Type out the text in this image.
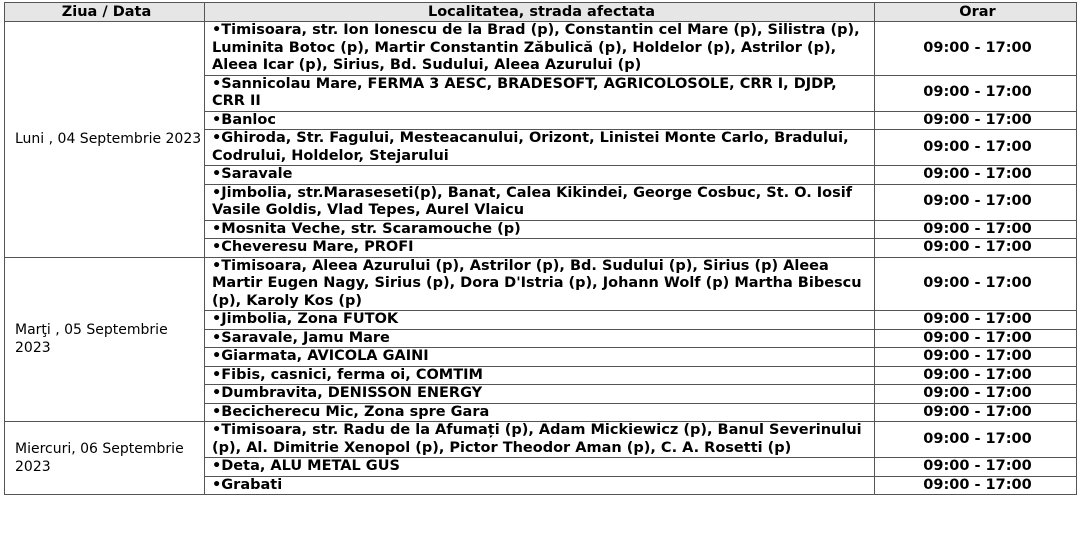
Ziua / Data	Localitatea, strada afectata	Orar
Luni , 04 Septembrie 2023	•Timisoara, str. Ion Ionescu de la Brad (p), Constantin cel Mare (p), Silistra (p), Luminita Botoc (p), Martir Constantin Zăbulică (p), Holdelor (p), Astrilor (p), Aleea Icar (p), Sirius, Bd. Sudului, Aleea Azurului (p)	09:00 - 17:00
	•Sannicolau Mare, FERMA 3 AESC, BRADESOFT, AGRICOLOSOLE, CRR I, DJDP, CRR II	09:00 - 17:00
	•Banloc	09:00 - 17:00
	•Ghiroda, Str. Fagului, Mesteacanului, Orizont, Linistei Monte Carlo, Bradului, Codrului, Holdelor, Stejarului	09:00 - 17:00
	•Saravale	09:00 - 17:00
	•Jimbolia, str.Maraseseti(p), Banat, Calea Kikindei, George Cosbuc, St. O. Iosif Vasile Goldis, Vlad Tepes, Aurel Vlaicu	09:00 - 17:00
	•Mosnita Veche, str. Scaramouche (p)	09:00 - 17:00
	•Cheveresu Mare, PROFI	09:00 - 17:00
Marţi , 05 Septembrie 2023	•Timisoara, Aleea Azurului (p), Astrilor (p), Bd. Sudului (p), Sirius (p) Aleea Martir Eugen Nagy, Sirius (p), Dora D'Istria (p), Johann Wolf (p) Martha Bibescu (p), Karoly Kos (p)	09:00 - 17:00
	•Jimbolia, Zona FUTOK	09:00 - 17:00
	•Saravale, Jamu Mare	09:00 - 17:00
	•Giarmata, AVICOLA GAINI	09:00 - 17:00
	•Fibis, casnici, ferma oi, COMTIM	09:00 - 17:00
	•Dumbravita, DENISSON ENERGY	09:00 - 17:00
	•Becicherecu Mic, Zona spre Gara	09:00 - 17:00
Miercuri, 06 Septembrie 2023	•Timisoara, str. Radu de la Afumați (p), Adam Mickiewicz (p), Banul Severinului (p), Al. Dimitrie Xenopol (p), Pictor Theodor Aman (p), C. A. Rosetti (p)	09:00 - 17:00
	•Deta, ALU METAL GUS	09:00 - 17:00
	•Grabati	09:00 - 17:00
